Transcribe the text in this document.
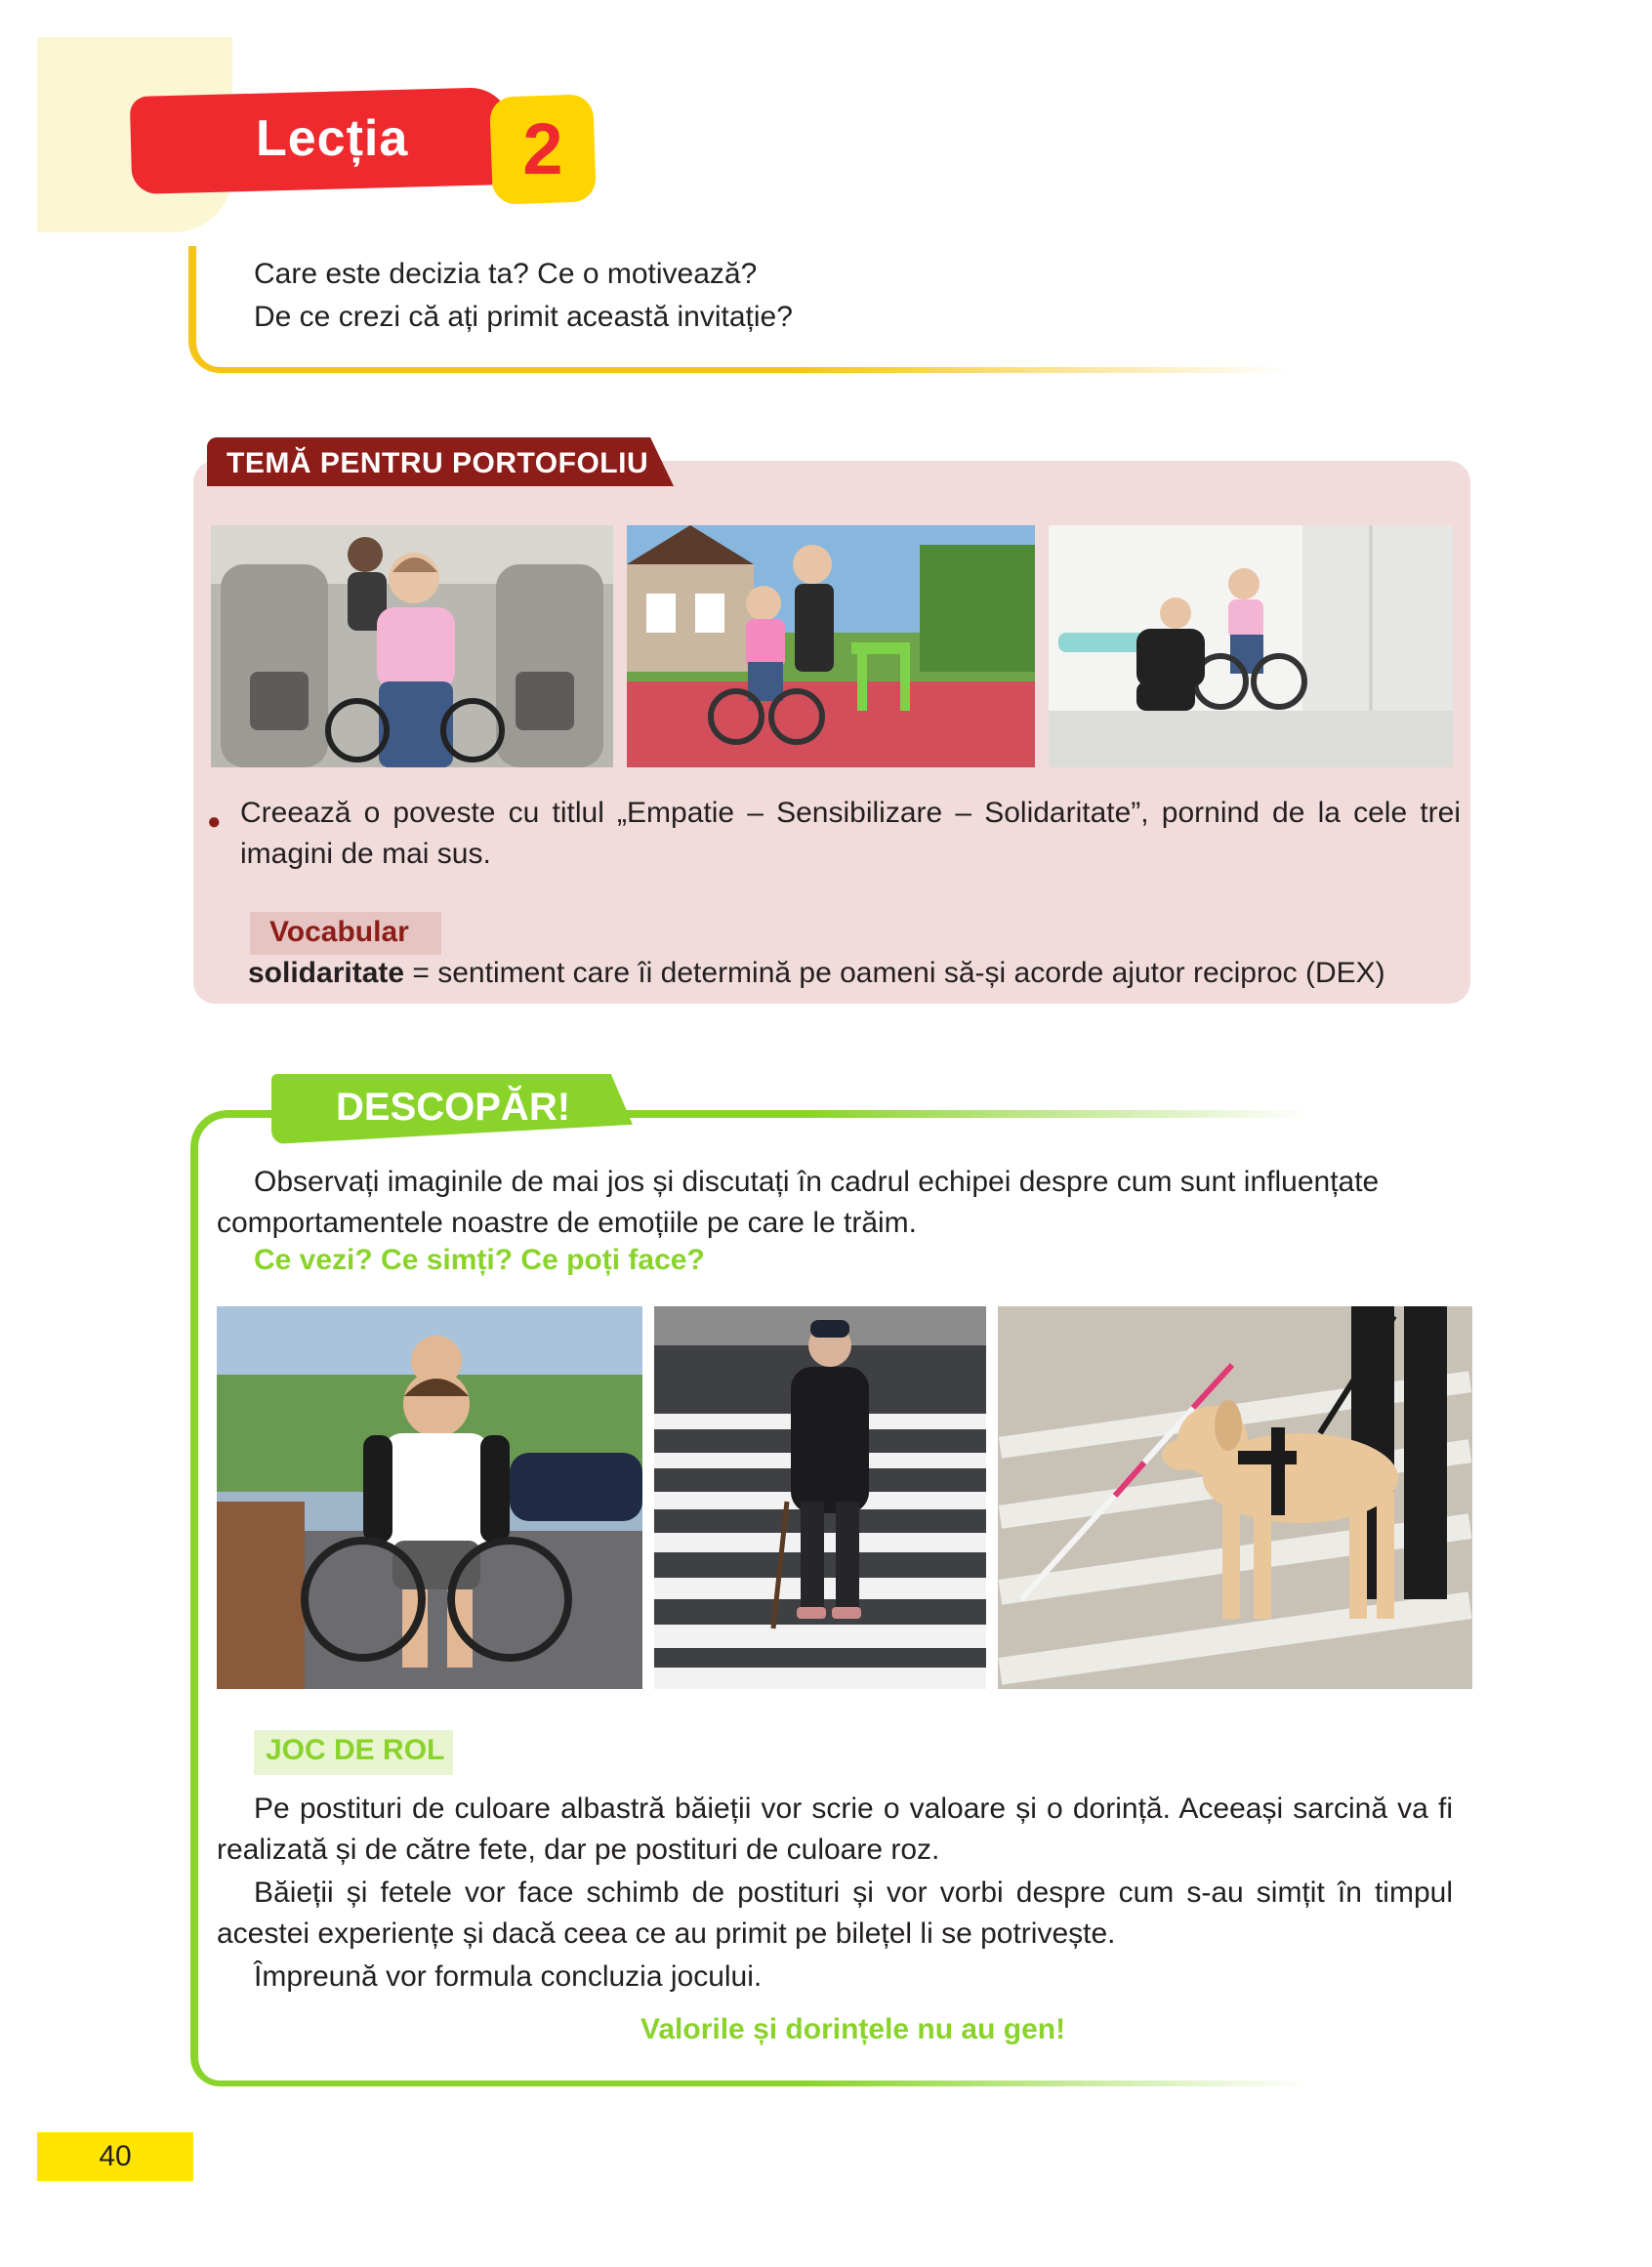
Lecția	2
Care este decizia ta? Ce o motivează?
De ce crezi că ați primit această invitație?
TEMĂ PENTRU PORTOFOLIU
● Creează o poveste cu titlul „Empatie – Sensibilizare – Solidaritate”, pornind de la cele trei imagini de mai sus.
Vocabular
solidaritate = sentiment care îi determină pe oameni să-și acorde ajutor reciproc (DEX)
DESCOPĂR!
Observați imaginile de mai jos și discutați în cadrul echipei despre cum sunt influențate comportamentele noastre de emoțiile pe care le trăim.
Ce vezi? Ce simți? Ce poți face?
JOC DE ROL
Pe postituri de culoare albastră băieții vor scrie o valoare și o dorință. Aceeași sarcină va fi realizată și de către fete, dar pe postituri de culoare roz.
Băieții și fetele vor face schimb de postituri și vor vorbi despre cum s-au simțit în timpul acestei experiențe și dacă ceea ce au primit pe bilețel li se potrivește.
Împreună vor formula concluzia jocului.
Valorile și dorințele nu au gen!
40
